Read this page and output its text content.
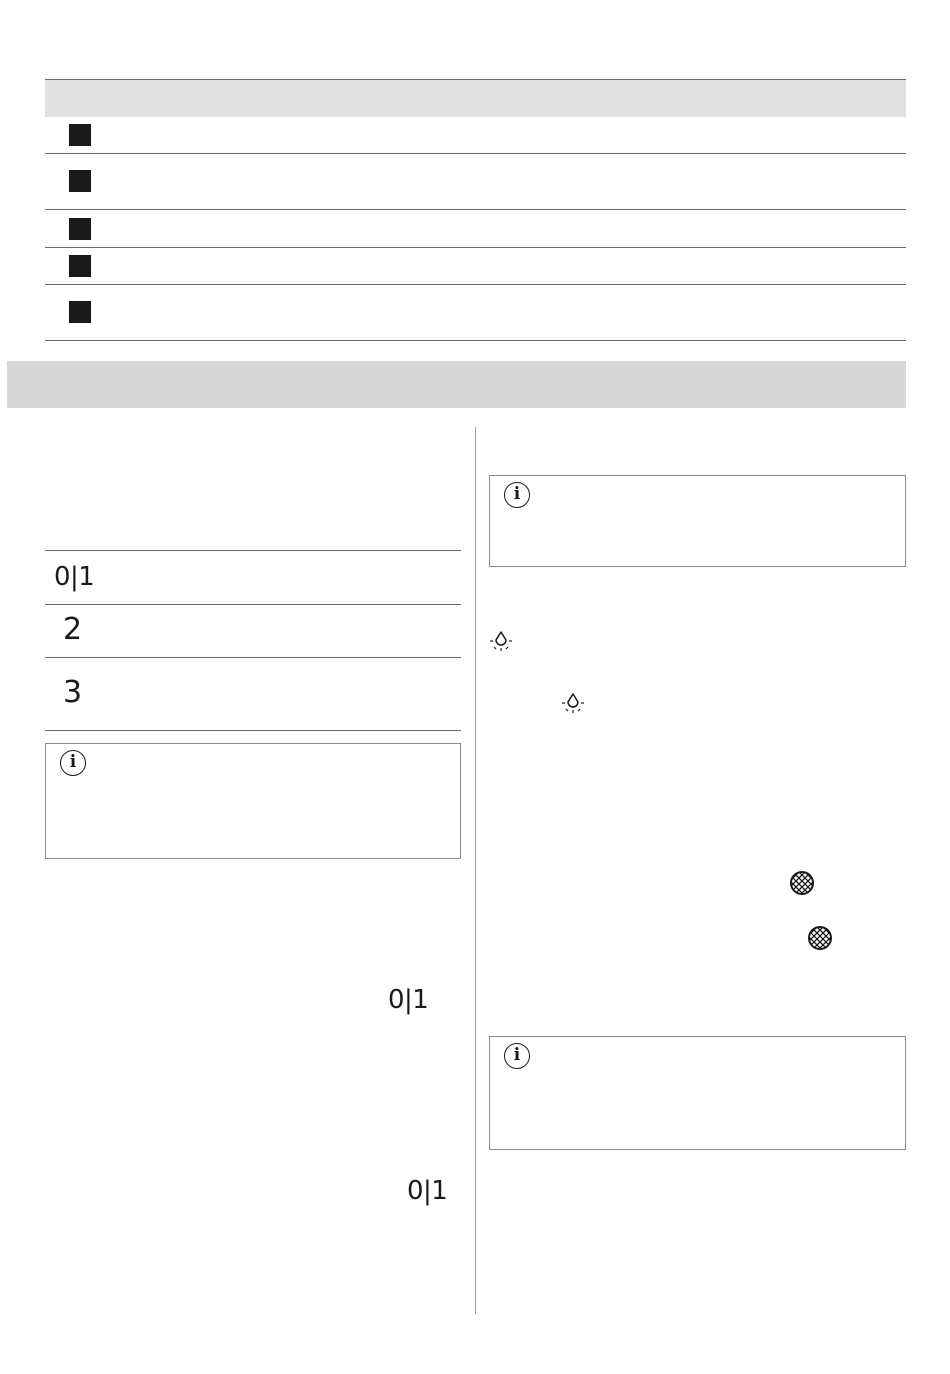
0|1
2
3
i
0|1
0|1
i
i
